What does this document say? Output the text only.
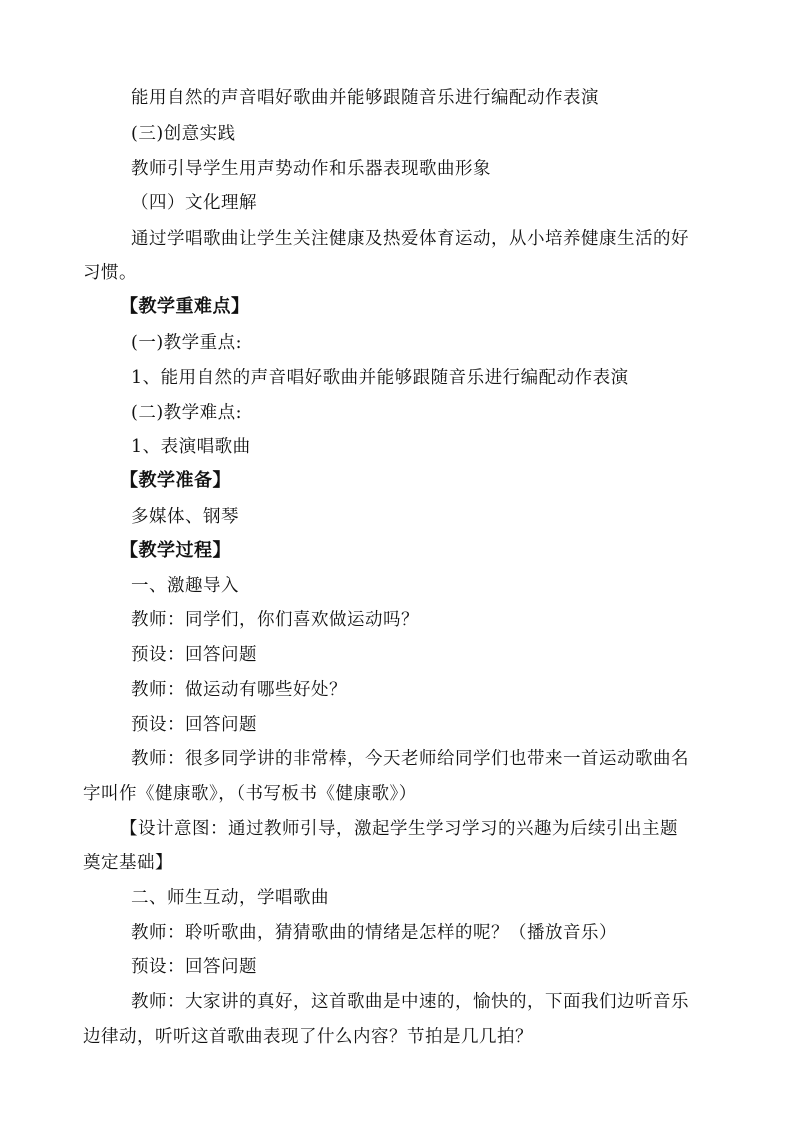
能用自然的声音唱好歌曲并能够跟随音乐进行编配动作表演
(三)创意实践
教师引导学生用声势动作和乐器表现歌曲形象
（四）文化理解
通过学唱歌曲让学生关注健康及热爱体育运动，从小培养健康生活的好
习惯。
【教学重难点】
(一)教学重点:
1、能用自然的声音唱好歌曲并能够跟随音乐进行编配动作表演
(二)教学难点:
1、表演唱歌曲
【教学准备】
多媒体、钢琴
【教学过程】
一、激趣导入
教师：同学们，你们喜欢做运动吗？
预设：回答问题
教师：做运动有哪些好处？
预设：回答问题
教师：很多同学讲的非常棒，今天老师给同学们也带来一首运动歌曲名
字叫作《健康歌》，（书写板书《健康歌》）
【设计意图：通过教师引导，激起学生学习学习的兴趣为后续引出主题
奠定基础】
二、师生互动，学唱歌曲
教师：聆听歌曲，猜猜歌曲的情绪是怎样的呢？（播放音乐）
预设：回答问题
教师：大家讲的真好，这首歌曲是中速的，愉快的，下面我们边听音乐
边律动，听听这首歌曲表现了什么内容？节拍是几几拍？
